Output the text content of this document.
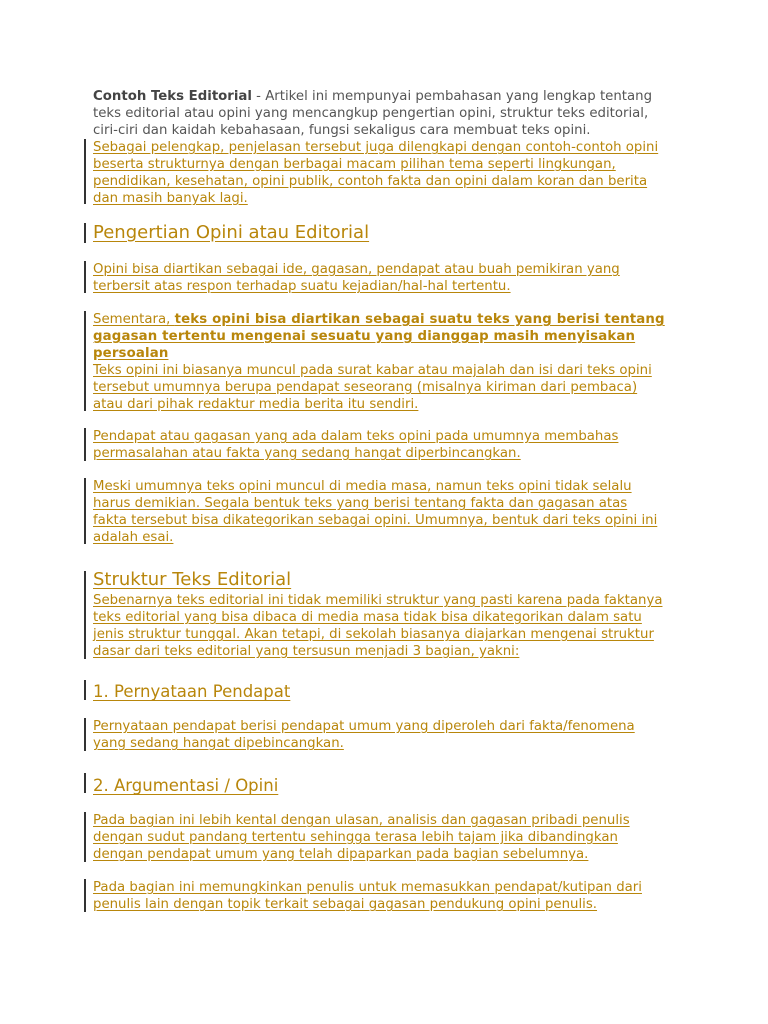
Contoh Teks Editorial - Artikel ini mempunyai pembahasan yang lengkap tentang
teks editorial atau opini yang mencangkup pengertian opini, struktur teks editorial,
ciri-ciri dan kaidah kebahasaan, fungsi sekaligus cara membuat teks opini.
Sebagai pelengkap, penjelasan tersebut juga dilengkapi dengan contoh-contoh opini
beserta strukturnya dengan berbagai macam pilihan tema seperti lingkungan,
pendidikan, kesehatan, opini publik, contoh fakta dan opini dalam koran dan berita
dan masih banyak lagi.
Pengertian Opini atau Editorial
Opini bisa diartikan sebagai ide, gagasan, pendapat atau buah pemikiran yang
terbersit atas respon terhadap suatu kejadian/hal-hal tertentu.
Sementara, teks opini bisa diartikan sebagai suatu teks yang berisi tentang
gagasan tertentu mengenai sesuatu yang dianggap masih menyisakan
persoalan
Teks opini ini biasanya muncul pada surat kabar atau majalah dan isi dari teks opini
tersebut umumnya berupa pendapat seseorang (misalnya kiriman dari pembaca)
atau dari pihak redaktur media berita itu sendiri.
Pendapat atau gagasan yang ada dalam teks opini pada umumnya membahas
permasalahan atau fakta yang sedang hangat diperbincangkan.
Meski umumnya teks opini muncul di media masa, namun teks opini tidak selalu
harus demikian. Segala bentuk teks yang berisi tentang fakta dan gagasan atas
fakta tersebut bisa dikategorikan sebagai opini. Umumnya, bentuk dari teks opini ini
adalah esai.
Struktur Teks Editorial
Sebenarnya teks editorial ini tidak memiliki struktur yang pasti karena pada faktanya
teks editorial yang bisa dibaca di media masa tidak bisa dikategorikan dalam satu
jenis struktur tunggal. Akan tetapi, di sekolah biasanya diajarkan mengenai struktur
dasar dari teks editorial yang tersusun menjadi 3 bagian, yakni:
1. Pernyataan Pendapat
Pernyataan pendapat berisi pendapat umum yang diperoleh dari fakta/fenomena
yang sedang hangat dipebincangkan.
2. Argumentasi / Opini
Pada bagian ini lebih kental dengan ulasan, analisis dan gagasan pribadi penulis
dengan sudut pandang tertentu sehingga terasa lebih tajam jika dibandingkan
dengan pendapat umum yang telah dipaparkan pada bagian sebelumnya.
Pada bagian ini memungkinkan penulis untuk memasukkan pendapat/kutipan dari
penulis lain dengan topik terkait sebagai gagasan pendukung opini penulis.
